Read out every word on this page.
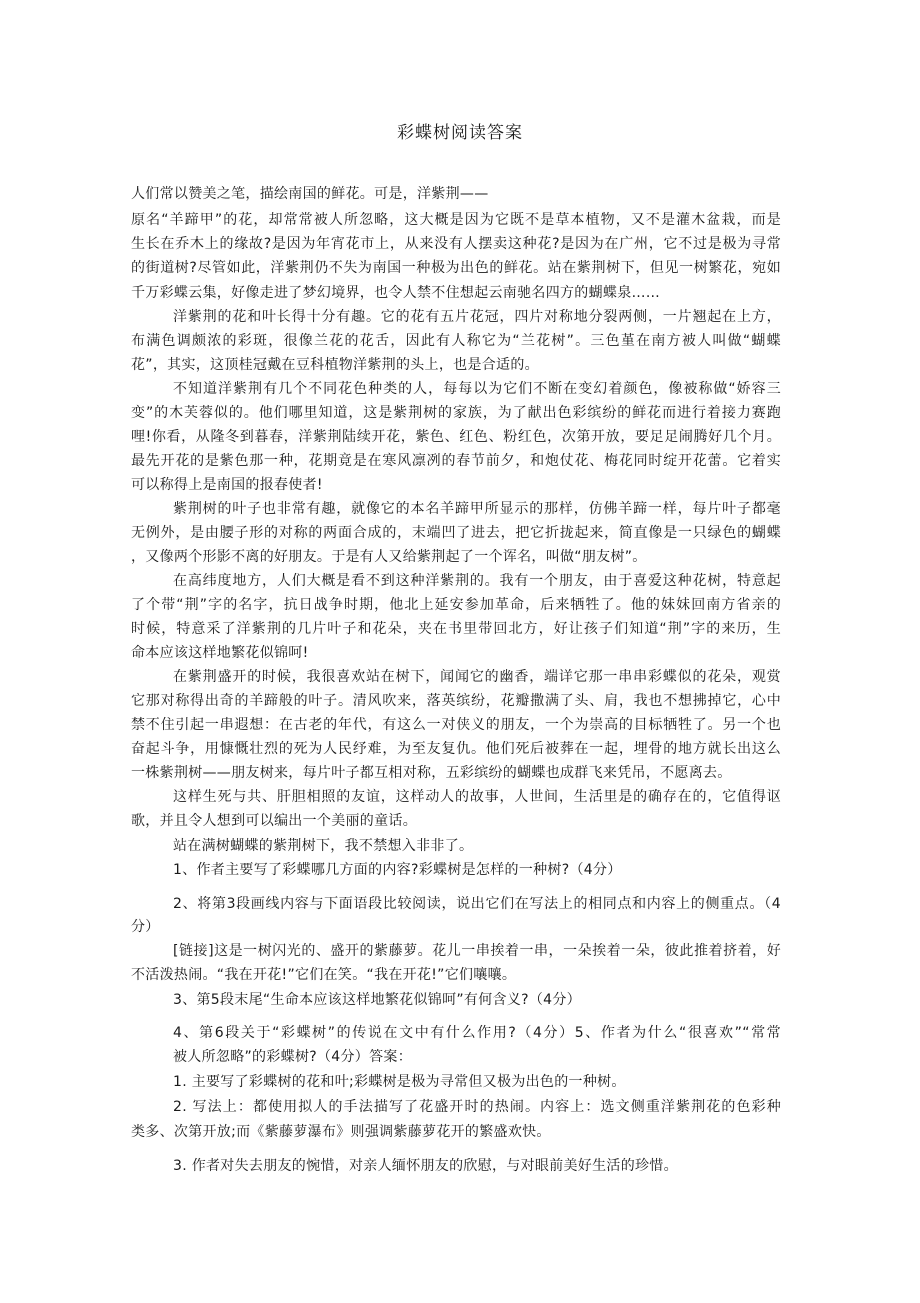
彩蝶树阅读答案

人们常以赞美之笔，描绘南国的鲜花。可是，洋紫荆——

原名“羊蹄甲”的花，却常常被人所忽略，这大概是因为它既不是草本植物，又不是灌木盆栽，而是

生长在乔木上的缘故?是因为年宵花市上，从来没有人摆卖这种花?是因为在广州，它不过是极为寻常

的街道树?尽管如此，洋紫荆仍不失为南国一种极为出色的鲜花。站在紫荆树下，但见一树繁花，宛如

千万彩蝶云集，好像走进了梦幻境界，也令人禁不住想起云南驰名四方的蝴蝶泉……

洋紫荆的花和叶长得十分有趣。它的花有五片花冠，四片对称地分裂两侧，一片翘起在上方，

布满色调颇浓的彩斑，很像兰花的花舌，因此有人称它为“兰花树”。三色堇在南方被人叫做“蝴蝶

花”，其实，这顶桂冠戴在豆科植物洋紫荆的头上，也是合适的。

不知道洋紫荆有几个不同花色种类的人，每每以为它们不断在变幻着颜色，像被称做“娇容三

变”的木芙蓉似的。他们哪里知道，这是紫荆树的家族，为了献出色彩缤纷的鲜花而进行着接力赛跑

哩!你看，从隆冬到暮春，洋紫荆陆续开花，紫色、红色、粉红色，次第开放，要足足闹腾好几个月。

最先开花的是紫色那一种，花期竟是在寒风凛冽的春节前夕，和炮仗花、梅花同时绽开花蕾。它着实

可以称得上是南国的报春使者!

紫荆树的叶子也非常有趣，就像它的本名羊蹄甲所显示的那样，仿佛羊蹄一样，每片叶子都毫

无例外，是由腰子形的对称的两面合成的，末端凹了进去，把它折拢起来，简直像是一只绿色的蝴蝶

，又像两个形影不离的好朋友。于是有人又给紫荆起了一个诨名，叫做“朋友树”。

在高纬度地方，人们大概是看不到这种洋紫荆的。我有一个朋友，由于喜爱这种花树，特意起

了个带“荆”字的名字，抗日战争时期，他北上延安参加革命，后来牺牲了。他的妹妹回南方省亲的

时候，特意采了洋紫荆的几片叶子和花朵，夹在书里带回北方，好让孩子们知道“荆”字的来历，生

命本应该这样地繁花似锦呵!

在紫荆盛开的时候，我很喜欢站在树下，闻闻它的幽香，端详它那一串串彩蝶似的花朵，观赏

它那对称得出奇的羊蹄般的叶子。清风吹来，落英缤纷，花瓣撒满了头、肩，我也不想拂掉它，心中

禁不住引起一串遐想：在古老的年代，有这么一对侠义的朋友，一个为崇高的目标牺牲了。另一个也

奋起斗争，用慷慨壮烈的死为人民纾难，为至友复仇。他们死后被葬在一起，埋骨的地方就长出这么

一株紫荆树——朋友树来，每片叶子都互相对称，五彩缤纷的蝴蝶也成群飞来凭吊，不愿离去。

这样生死与共、肝胆相照的友谊，这样动人的故事，人世间，生活里是的确存在的，它值得讴

歌，并且令人想到可以编出一个美丽的童话。

站在满树蝴蝶的紫荆树下，我不禁想入非非了。

1、作者主要写了彩蝶哪几方面的内容?彩蝶树是怎样的一种树?（4分）

2、将第3段画线内容与下面语段比较阅读，说出它们在写法上的相同点和内容上的侧重点。（4

分）

[链接]这是一树闪光的、盛开的紫藤萝。花儿一串挨着一串，一朵挨着一朵，彼此推着挤着，好

不活泼热闹。“我在开花!”它们在笑。“我在开花!”它们嚷嚷。

3、第5段末尾“生命本应该这样地繁花似锦呵”有何含义?（4分）

4、第6段关于“彩蝶树”的传说在文中有什么作用?（4分）5、作者为什么“很喜欢”“常常

被人所忽略”的彩蝶树?（4分）答案：

1. 主要写了彩蝶树的花和叶;彩蝶树是极为寻常但又极为出色的一种树。

2. 写法上：都使用拟人的手法描写了花盛开时的热闹。内容上：选文侧重洋紫荆花的色彩种

类多、次第开放;而《紫藤萝瀑布》则强调紫藤萝花开的繁盛欢快。

3. 作者对失去朋友的惋惜，对亲人缅怀朋友的欣慰，与对眼前美好生活的珍惜。
